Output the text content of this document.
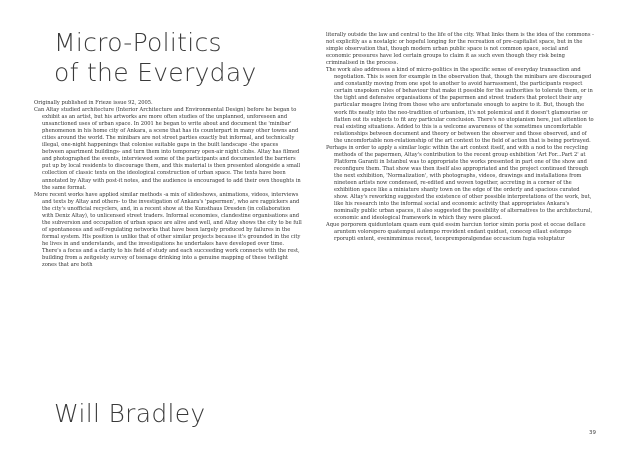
Micro-Politics
of the Everyday

Originally published in Frieze issue 92, 2005.

Can Altay studied architecture (Interior Architecture and Environmental Design) before he began to exhibit as an artist, but his artworks are more often studies of the unplanned, unforeseen and unsanctioned uses of urban space. In 2001 he began to write about and document the 'minibar' phenomenon in his home city of Ankara, a scene that has its counterpart in many other towns and cities around the world. The minibars are not street parties exactly but informal, and technically illegal, one-night happenings that colonise suitable gaps in the built landscape -the spaces between apartment buildings- and turn them into temporary open-air night clubs. Altay has filmed and photographed the events, interviewed some of the participants and documented the barriers put up by local residents to discourage them, and this material is then presented alongside a small collection of classic texts on the ideological construction of urban space. The texts have been annotated by Altay with post-it notes, and the audience is encouraged to add their own thoughts in the same format.

More recent works have applied similar methods -a mix of slideshows, animations, videos, interviews and texts by Altay and others- to the investigation of Ankara's 'papermen', who are ragpickers and the city's unofficial recyclers, and, in a recent show at the Kunsthaus Dresden (in collaboration with Deniz Altay), to unlicensed street traders. Informal economies, clandestine organisations and the subversion and occupation of urban space are alive and well, and Altay shows the city to be full of spontaneous and self-regulating networks that have been largely produced by failures in the formal system. His position is unlike that of other similar projects because it's grounded in the city he lives in and understands, and the investigations he undertakes have developed over time. There's a focus and a clarity to his field of study and each succeeding work connects with the rest, building from a zeitgeisty survey of teenage drinking into a genuine mapping of these twilight zones that are both

Will Bradley

literally outside the law and central to the life of the city. What links them is the idea of the commons -not explicitly as a nostalgic or hopeful longing for the recreation of pre-capitalist space, but in the simple observation that, though modern urban public space is not common space, social and economic pressures have led certain groups to claim it as such even though they risk being criminalised in the process.

The work also addresses a kind of micro-politics in the specific sense of everyday transaction and negotiation. This is seen for example in the observation that, though the minibars are discouraged and constantly moving from one spot to another to avoid harrassment, the participants respect certain unspoken rules of behaviour that make it possible for the authorities to tolerate them, or in the tight and defensive organisations of the papermen and street traders that protect their any particular meagre living from those who are unfortunate enough to aspire to it. But, though the work fits neatly into the neo-tradition of urbanism, it's not polemical and it doesn't glamourise or flatten out its subjects to fit any particular conclusion. There's no utopianism here, just attention to real existing situations. Added to this is a welcome awareness of the sometimes uncomfortable relationships between document and theory or between the observer and those observed, and of the uncomfortable non-relationship of the art context to the field of action that is being portrayed.

Perhaps in order to apply a similar logic within the art context itself, and with a nod to the recycling methods of the papermen, Altay's contribution to the recent group exhibition 'Art For...Part 2' at Platform Garanti in Istanbul was to appropriate the works presented in part one of the show and reconfigure them. That show was then itself also appropriated and the project continued through the next exhibition, 'Normalization', with photographs, videos, drawings and installations from nineteen artists now condensed, re-edited and woven together, accreting in a corner of the exhibition space like a miniature shanty town on the edge of the orderly and spacious curated show. Altay's reworking suggested the existence of other possible interpretations of the work, but, like his research into the informal social and economic activity that appropriates Ankara's nominally public urban spaces, it also suggested the possibility of alternatives to the architectural, economic and ideological framework in which they were placed.

Aque porporem quiduntotam quam eum quid essim harciun torior simin poria post et occae dellace aruntem volorepero quatempui autempo rrovident endant quidust, conecep ellaut estempo rporupti entent, evenimmimus recest, tecepremporalgendae occuscium fugia voluptatur

39
